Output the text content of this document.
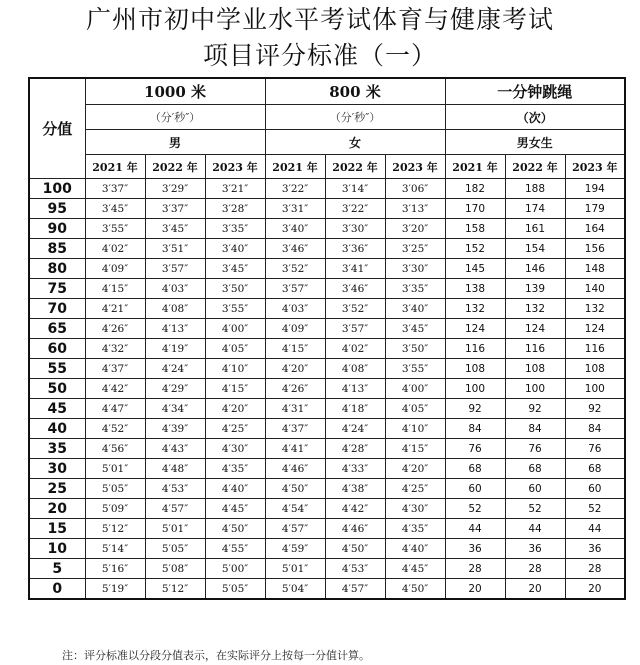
广州市初中学业水平考试体育与健康考试
项目评分标准（一）
分值	1000 米			800 米			一分钟跳绳		
	（分′秒″）			（分′秒″）			（次）		
	男			女			男女生		
	2021 年	2022 年	2023 年	2021 年	2022 年	2023 年	2021 年	2022 年	2023 年
100	3′37″	3′29″	3′21″	3′22″	3′14″	3′06″	182	188	194
95	3′45″	3′37″	3′28″	3′31″	3′22″	3′13″	170	174	179
90	3′55″	3′45″	3′35″	3′40″	3′30″	3′20″	158	161	164
85	4′02″	3′51″	3′40″	3′46″	3′36″	3′25″	152	154	156
80	4′09″	3′57″	3′45″	3′52″	3′41″	3′30″	145	146	148
75	4′15″	4′03″	3′50″	3′57″	3′46″	3′35″	138	139	140
70	4′21″	4′08″	3′55″	4′03″	3′52″	3′40″	132	132	132
65	4′26″	4′13″	4′00″	4′09″	3′57″	3′45″	124	124	124
60	4′32″	4′19″	4′05″	4′15″	4′02″	3′50″	116	116	116
55	4′37″	4′24″	4′10″	4′20″	4′08″	3′55″	108	108	108
50	4′42″	4′29″	4′15″	4′26″	4′13″	4′00″	100	100	100
45	4′47″	4′34″	4′20″	4′31″	4′18″	4′05″	92	92	92
40	4′52″	4′39″	4′25″	4′37″	4′24″	4′10″	84	84	84
35	4′56″	4′43″	4′30″	4′41″	4′28″	4′15″	76	76	76
30	5′01″	4′48″	4′35″	4′46″	4′33″	4′20″	68	68	68
25	5′05″	4′53″	4′40″	4′50″	4′38″	4′25″	60	60	60
20	5′09″	4′57″	4′45″	4′54″	4′42″	4′30″	52	52	52
15	5′12″	5′01″	4′50″	4′57″	4′46″	4′35″	44	44	44
10	5′14″	5′05″	4′55″	4′59″	4′50″	4′40″	36	36	36
5	5′16″	5′08″	5′00″	5′01″	4′53″	4′45″	28	28	28
0	5′19″	5′12″	5′05″	5′04″	4′57″	4′50″	20	20	20
注：评分标准以分段分值表示，在实际评分上按每一分值计算。
